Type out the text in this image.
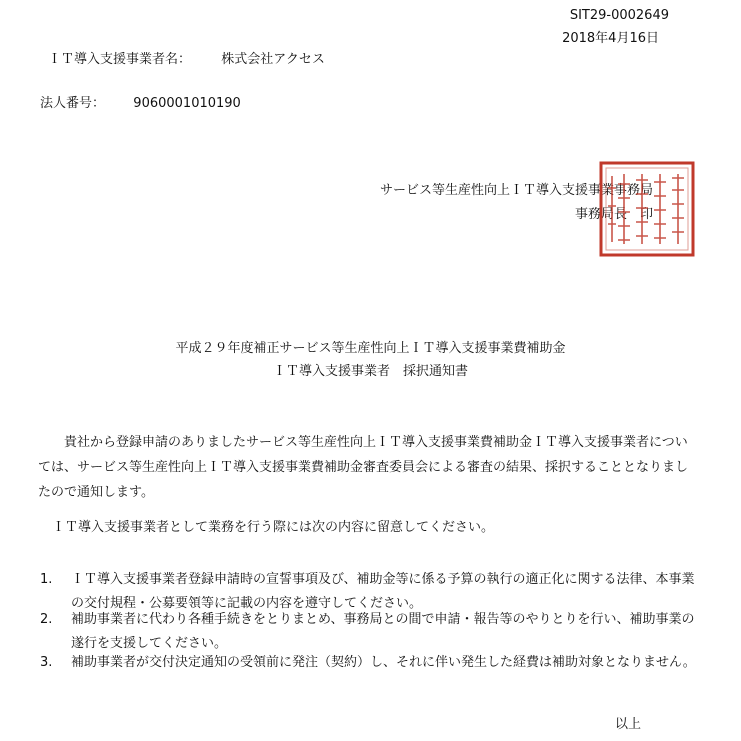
SIT29-0002649
2018年4月16日
ＩＴ導入支援事業者名： 株式会社アクセス
法人番号： 9060001010190
サービス等生産性向上ＩＴ導入支援事業事務局
事務局長　印
平成２９年度補正サービス等生産性向上ＩＴ導入支援事業費補助金
ＩＴ導入支援事業者　採択通知書
貴社から登録申請のありましたサービス等生産性向上ＩＴ導入支援事業費補助金ＩＴ導入支援事業者については、サービス等生産性向上ＩＴ導入支援事業費補助金審査委員会による審査の結果、採択することとなりましたので通知します。
ＩＴ導入支援事業者として業務を行う際には次の内容に留意してください。
1.	ＩＴ導入支援事業者登録申請時の宣誓事項及び、補助金等に係る予算の執行の適正化に関する法律、本事業の交付規程・公募要領等に記載の内容を遵守してください。
2.	補助事業者に代わり各種手続きをとりまとめ、事務局との間で申請・報告等のやりとりを行い、補助事業の遂行を支援してください。
3.	補助事業者が交付決定通知の受領前に発注（契約）し、それに伴い発生した経費は補助対象となりません。
以上
